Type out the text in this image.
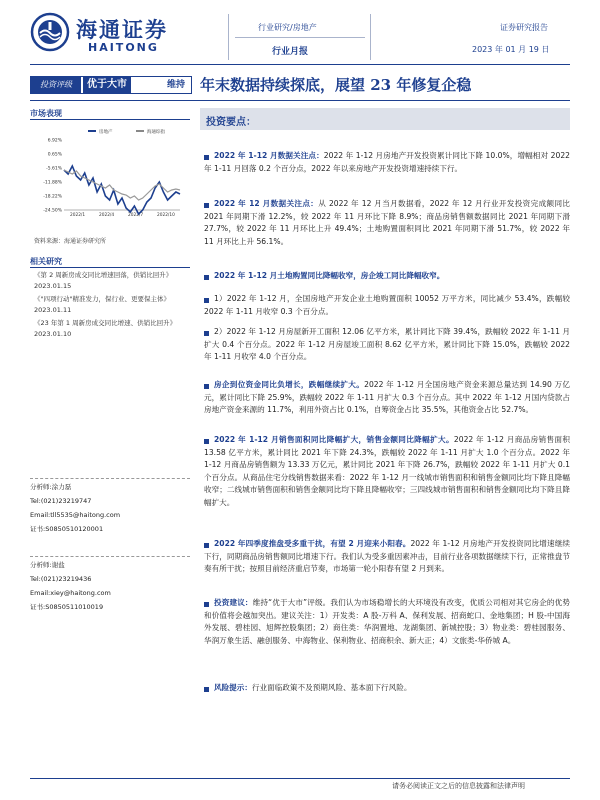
海通证券
HAITONG
行业研究/房地产
行业月报
证券研究报告
2023 年 01 月 19 日
投资评级	优于大市	维持 年末数据持续探底，展望 23 年修复企稳
市场表现
6.92%
0.65%
-5.61%
-11.88%
-18.22%
-24.50%
2022/1	2022/4	2022/7	2022/10
房地产	海通综指
资料来源：海通证券研究所
相关研究
《第 2 周新房成交同比增速回落，供销比回升》2023.01.15
《"四项行动"精准发力，保行业、更要保主体》2023.01.11
《23 年第 1 周新房成交同比增速、供销比回升》2023.01.10
分析师:涂力磊
Tel:(021)23219747
Email:tll5535@haitong.com
证书:S0850510120001
分析师:谢盐
Tel:(021)23219436
Email:xiey@haitong.com
证书:S0850511010019
投资要点：
2022 年 1-12 月数据关注点：2022 年 1-12 月房地产开发投资累计同比下降 10.0%，增幅相对 2022 年 1-11 月回落 0.2 个百分点，2022 年以来房地产开发投资增速持续下行。
2022 年 12 月数据关注点：从 2022 年 12 月当月数据看，2022 年 12 月行业开发投资完成额同比 2021 年同期下滑 12.2%，较 2022 年 11 月环比下降 8.9%；商品房销售额数据同比 2021 年同期下滑 27.7%，较 2022 年 11 月环比上升 49.4%；土地购置面积同比 2021 年同期下滑 51.7%，较 2022 年 11 月环比上升 56.1%。
2022 年 1-12 月土地购置同比降幅收窄，房企竣工同比降幅收窄。
1）2022 年 1-12 月，全国房地产开发企业土地购置面积 10052 万平方米，同比减少 53.4%，跌幅较 2022 年 1-11 月收窄 0.3 个百分点。
2）2022 年 1-12 月房屋新开工面积 12.06 亿平方米，累计同比下降 39.4%，跌幅较 2022 年 1-11 月扩大 0.4 个百分点。2022 年 1-12 月房屋竣工面积 8.62 亿平方米，累计同比下降 15.0%，跌幅较 2022 年 1-11 月收窄 4.0 个百分点。
房企到位资金同比负增长，跌幅继续扩大。2022 年 1-12 月全国房地产资金来源总量达到 14.90 万亿元，累计同比下降 25.9%，跌幅较 2022 年 1-11 月扩大 0.3 个百分点。其中 2022 年 1-12 月国内贷款占房地产资金来源的 11.7%，利用外资占比 0.1%，自筹资金占比 35.5%，其他资金占比 52.7%。
2022 年 1-12 月销售面积同比降幅扩大，销售金额同比降幅扩大。2022 年 1-12 月商品房销售面积 13.58 亿平方米，累计同比 2021 年下降 24.3%，跌幅较 2022 年 1-11 月扩大 1.0 个百分点。2022 年 1-12 月商品房销售额为 13.33 万亿元，累计同比 2021 年下降 26.7%，跌幅较 2022 年 1-11 月扩大 0.1 个百分点。从商品住宅分线销售数据来看：2022 年 1-12 月一线城市销售面积和销售金额同比均下降且降幅收窄；二线城市销售面积和销售金额同比均下降且降幅收窄；三四线城市销售面积和销售金额同比均下降且降幅扩大。
2022 年四季度推盘受多重干扰，有望 2 月迎来小阳春。2022 年 1-12 月房地产开发投资同比增速继续下行，同期商品房销售额同比增速下行。我们认为受多重因素冲击，目前行业各项数据继续下行，正常推盘节奏有所干扰；按照目前经济重启节奏，市场第一轮小阳春有望 2 月到来。
投资建议：维持“优于大市”评级。我们认为市场稳增长的大环境没有改变，优质公司相对其它房企的优势和价值将会越加突出。建议关注：1）开发类：A 股-万科 A、保利发展、招商蛇口、金地集团；H 股-中国海外发展、碧桂园、旭辉控股集团；2）商住类：华润置地、龙湖集团、新城控股；3）物业类：碧桂园服务、华润万象生活、融创服务、中海物业、保利物业、招商积余、新大正；4）文旅类-华侨城 A。
风险提示：行业面临政策不及预期风险、基本面下行风险。
请务必阅读正文之后的信息披露和法律声明
